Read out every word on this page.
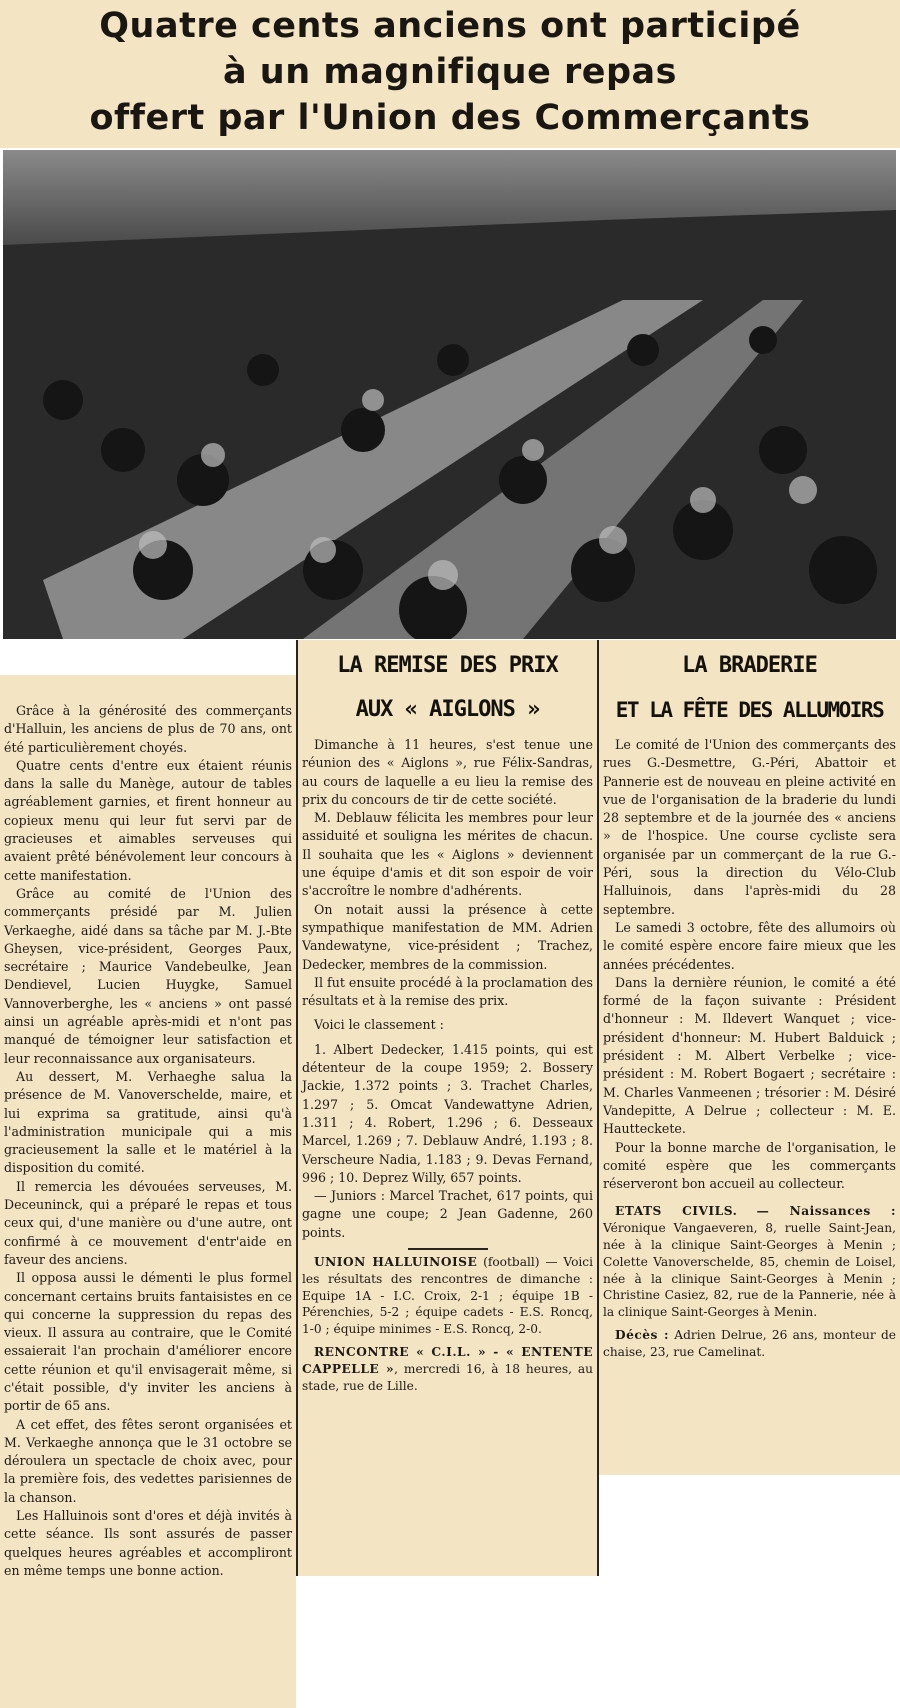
Quatre cents anciens ont participé
à un magnifique repas
offert par l'Union des Commerçants

Grâce à la générosité des commerçants d'Halluin, les anciens de plus de 70 ans, ont été particulièrement choyés.

Quatre cents d'entre eux étaient réunis dans la salle du Manège, autour de tables agréablement garnies, et firent honneur au copieux menu qui leur fut servi par de gracieuses et aimables serveuses qui avaient prêté bénévolement leur concours à cette manifestation.

Grâce au comité de l'Union des commerçants présidé par M. Julien Verkaeghe, aidé dans sa tâche par M. J.-Bte Gheysen, vice-président, Georges Paux, secrétaire ; Maurice Vandebeulke, Jean Dendievel, Lucien Huygke, Samuel Vannoverberghe, les « anciens » ont passé ainsi un agréable après-midi et n'ont pas manqué de témoigner leur satisfaction et leur reconnaissance aux organisateurs.

Au dessert, M. Verhaeghe salua la présence de M. Vanoverschelde, maire, et lui exprima sa gratitude, ainsi qu'à l'administration municipale qui a mis gracieusement la salle et le matériel à la disposition du comité.

Il remercia les dévouées serveuses, M. Deceuninck, qui a préparé le repas et tous ceux qui, d'une manière ou d'une autre, ont confirmé à ce mouvement d'entr'aide en faveur des anciens.

Il opposa aussi le démenti le plus formel concernant certains bruits fantaisistes en ce qui concerne la suppression du repas des vieux. Il assura au contraire, que le Comité essaierait l'an prochain d'améliorer encore cette réunion et qu'il envisagerait même, si c'était possible, d'y inviter les anciens à portir de 65 ans.

A cet effet, des fêtes seront organisées et M. Verkaeghe annonça que le 31 octobre se déroulera un spectacle de choix avec, pour la première fois, des vedettes parisiennes de la chanson.

Les Halluinois sont d'ores et déjà invités à cette séance. Ils sont assurés de passer quelques heures agréables et accompliront en même temps une bonne action.

LA REMISE DES PRIX
AUX « AIGLONS »

Dimanche à 11 heures, s'est tenue une réunion des « Aiglons », rue Félix-Sandras, au cours de laquelle a eu lieu la remise des prix du concours de tir de cette société.

M. Deblauw félicita les membres pour leur assiduité et souligna les mérites de chacun. Il souhaita que les « Aiglons » deviennent une équipe d'amis et dit son espoir de voir s'accroître le nombre d'adhérents.

On notait aussi la présence à cette sympathique manifestation de MM. Adrien Vandewatyne, vice-président ; Trachez, Dedecker, membres de la commission.

Il fut ensuite procédé à la proclamation des résultats et à la remise des prix.

Voici le classement :

1. Albert Dedecker, 1.415 points, qui est détenteur de la coupe 1959; 2. Bossery Jackie, 1.372 points ; 3. Trachet Charles, 1.297 ; 5. Omcat Vandewattyne Adrien, 1.311 ; 4. Robert, 1.296 ; 6. Desseaux Marcel, 1.269 ; 7. Deblauw André, 1.193 ; 8. Verscheure Nadia, 1.183 ; 9. Devas Fernand, 996 ; 10. Deprez Willy, 657 points.

— Juniors : Marcel Trachet, 617 points, qui gagne une coupe; 2 Jean Gadenne, 260 points.

UNION HALLUINOISE (football) — Voici les résultats des rencontres de dimanche : Equipe 1A - I.C. Croix, 2-1 ; équipe 1B - Pérenchies, 5-2 ; équipe cadets - E.S. Roncq, 1-0 ; équipe minimes - E.S. Roncq, 2-0.

RENCONTRE « C.I.L. » - « ENTENTE CAPPELLE », mercredi 16, à 18 heures, au stade, rue de Lille.

LA BRADERIE
ET LA FÊTE DES ALLUMOIRS

Le comité de l'Union des commerçants des rues G.-Desmettre, G.-Péri, Abattoir et Pannerie est de nouveau en pleine activité en vue de l'organisation de la braderie du lundi 28 septembre et de la journée des « anciens » de l'hospice. Une course cycliste sera organisée par un commerçant de la rue G.-Péri, sous la direction du Vélo-Club Halluinois, dans l'après-midi du 28 septembre.

Le samedi 3 octobre, fête des allumoirs où le comité espère encore faire mieux que les années précédentes.

Dans la dernière réunion, le comité a été formé de la façon suivante : Président d'honneur : M. Ildevert Wanquet ; vice-président d'honneur: M. Hubert Balduick ; président : M. Albert Verbelke ; vice-président : M. Robert Bogaert ; secrétaire : M. Charles Vanmeenen ; trésorier : M. Désiré Vandepitte, A Delrue ; collecteur : M. E. Hautteckete.

Pour la bonne marche de l'organisation, le comité espère que les commerçants réserveront bon accueil au collecteur.

ETATS CIVILS. — Naissances : Véronique Vangaeveren, 8, ruelle Saint-Jean, née à la clinique Saint-Georges à Menin ; Colette Vanoverschelde, 85, chemin de Loisel, née à la clinique Saint-Georges à Menin ; Christine Casiez, 82, rue de la Pannerie, née à la clinique Saint-Georges à Menin.

Décès : Adrien Delrue, 26 ans, monteur de chaise, 23, rue Camelinat.
